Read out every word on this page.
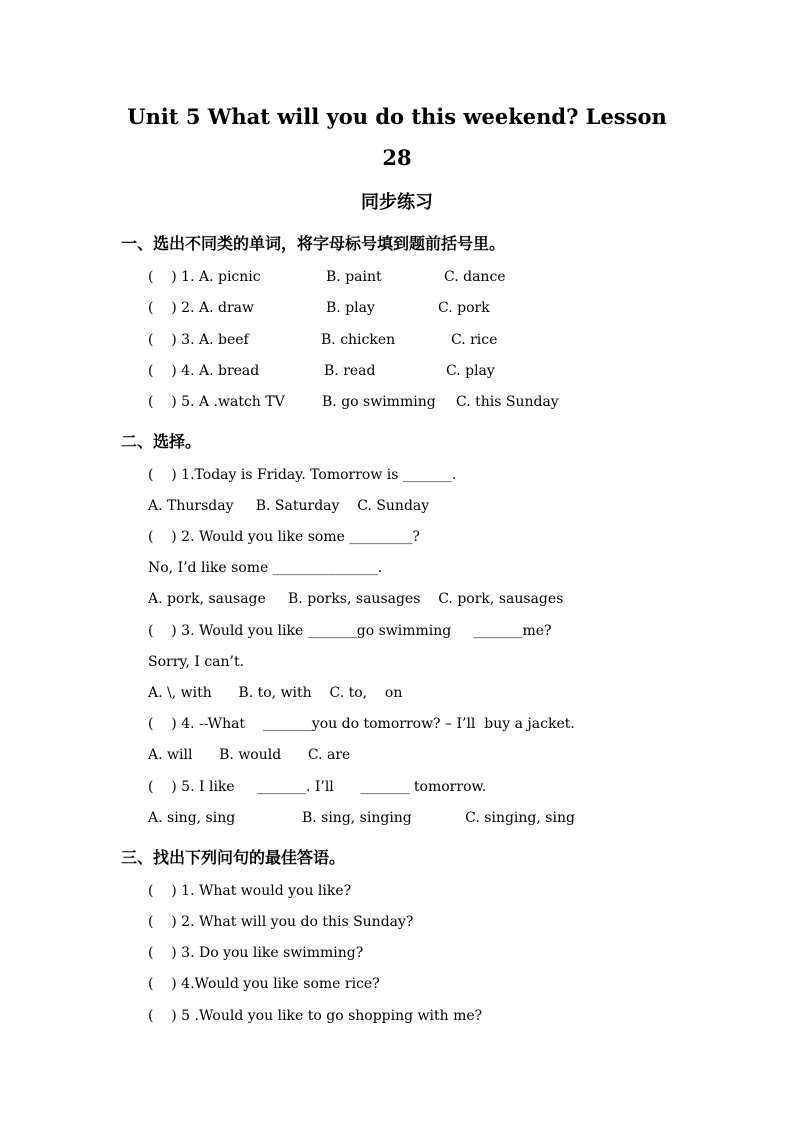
Unit 5 What will you do this weekend? Lesson
28
同步练习
一、选出不同类的单词，将字母标号填到题前括号里。
(    ) 1. A. picnic	B. paint	C. dance
(    ) 2. A. draw	B. play	C. pork
(    ) 3. A. beef	B. chicken	C. rice
(    ) 4. A. bread	B. read	C. play
(    ) 5. A .watch TV	B. go swimming C. this Sunday
二、选择。
(    ) 1.Today is Friday. Tomorrow is _______.
A. Thursday     B. Saturday    C. Sunday
(    ) 2. Would you like some _________?
No, I’d like some _______________.
A. pork, sausage     B. porks, sausages    C. pork, sausages
(    ) 3. Would you like _______go swimming     _______me?
Sorry, I can’t.
A. \, with      B. to, with    C. to,    on
(    ) 4. --What    _______you do tomorrow? – I’ll  buy a jacket.
A. will      B. would      C. are
(    ) 5. I like     _______. I’ll      _______ tomorrow.
A. sing, sing               B. sing, singing            C. singing, sing
三、找出下列问句的最佳答语。
(    ) 1. What would you like?
(    ) 2. What will you do this Sunday?
(    ) 3. Do you like swimming?
(    ) 4.Would you like some rice?
(    ) 5 .Would you like to go shopping with me?
